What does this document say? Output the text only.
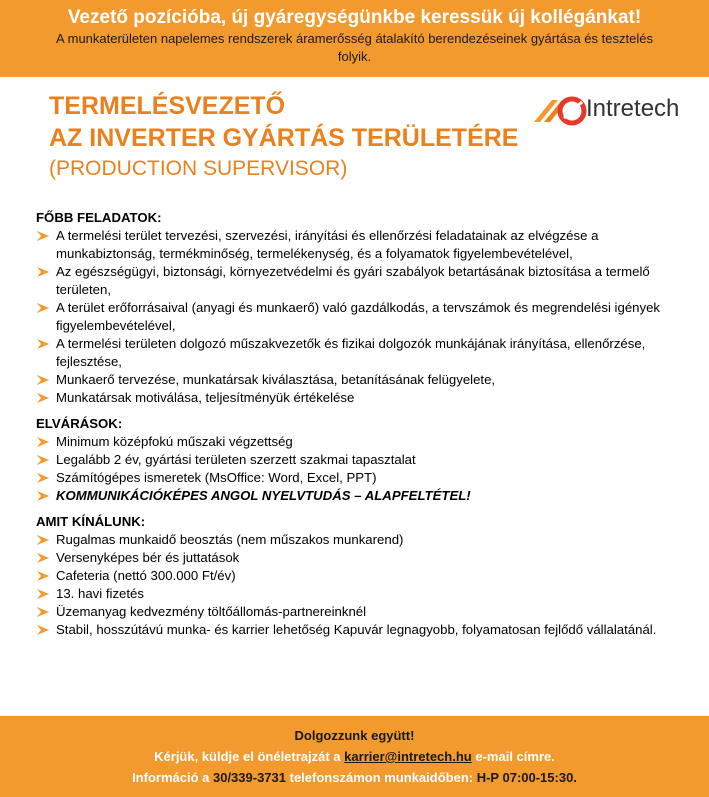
Vezető pozícióba, új gyáregységünkbe keressük új kollégánkat!
A munkaterületen napelemes rendszerek áramerősség átalakító berendezéseinek gyártása és tesztelés folyik.
TERMELÉSVEZETŐ
AZ INVERTER GYÁRTÁS TERÜLETÉRE
(PRODUCTION SUPERVISOR)
Intretech
FŐBB FELADATOK:
A termelési terület tervezési, szervezési, irányítási és ellenőrzési feladatainak az elvégzése a munkabiztonság, termékminőség, termelékenység, és a folyamatok figyelembevételével,
Az egészségügyi, biztonsági, környezetvédelmi és gyári szabályok betartásának biztosítása a termelő területen,
A terület erőforrásaival (anyagi és munkaerő) való gazdálkodás, a tervszámok és megrendelési igények figyelembevételével,
A termelési területen dolgozó műszakvezetők és fizikai dolgozók munkájának irányítása, ellenőrzése, fejlesztése,
Munkaerő tervezése, munkatársak kiválasztása, betanításának felügyelete,
Munkatársak motiválása, teljesítményük értékelése
ELVÁRÁSOK:
Minimum középfokú műszaki végzettség
Legalább 2 év, gyártási területen szerzett szakmai tapasztalat
Számítógépes ismeretek (MsOffice: Word, Excel, PPT)
KOMMUNIKÁCIÓKÉPES ANGOL NYELVTUDÁS – ALAPFELTÉTEL!
AMIT KÍNÁLUNK:
Rugalmas munkaidő beosztás (nem műszakos munkarend)
Versenyképes bér és juttatások
Cafeteria (nettó 300.000 Ft/év)
13. havi fizetés
Üzemanyag kedvezmény töltőállomás-partnereinknél
Stabil, hosszútávú munka- és karrier lehetőség Kapuvár legnagyobb, folyamatosan fejlődő vállalatánál.
Dolgozzunk együtt!
Kérjük, küldje el önéletrajzát a karrier@intretech.hu e-mail címre.
Információ a 30/339-3731 telefonszámon munkaidőben: H-P 07:00-15:30.
